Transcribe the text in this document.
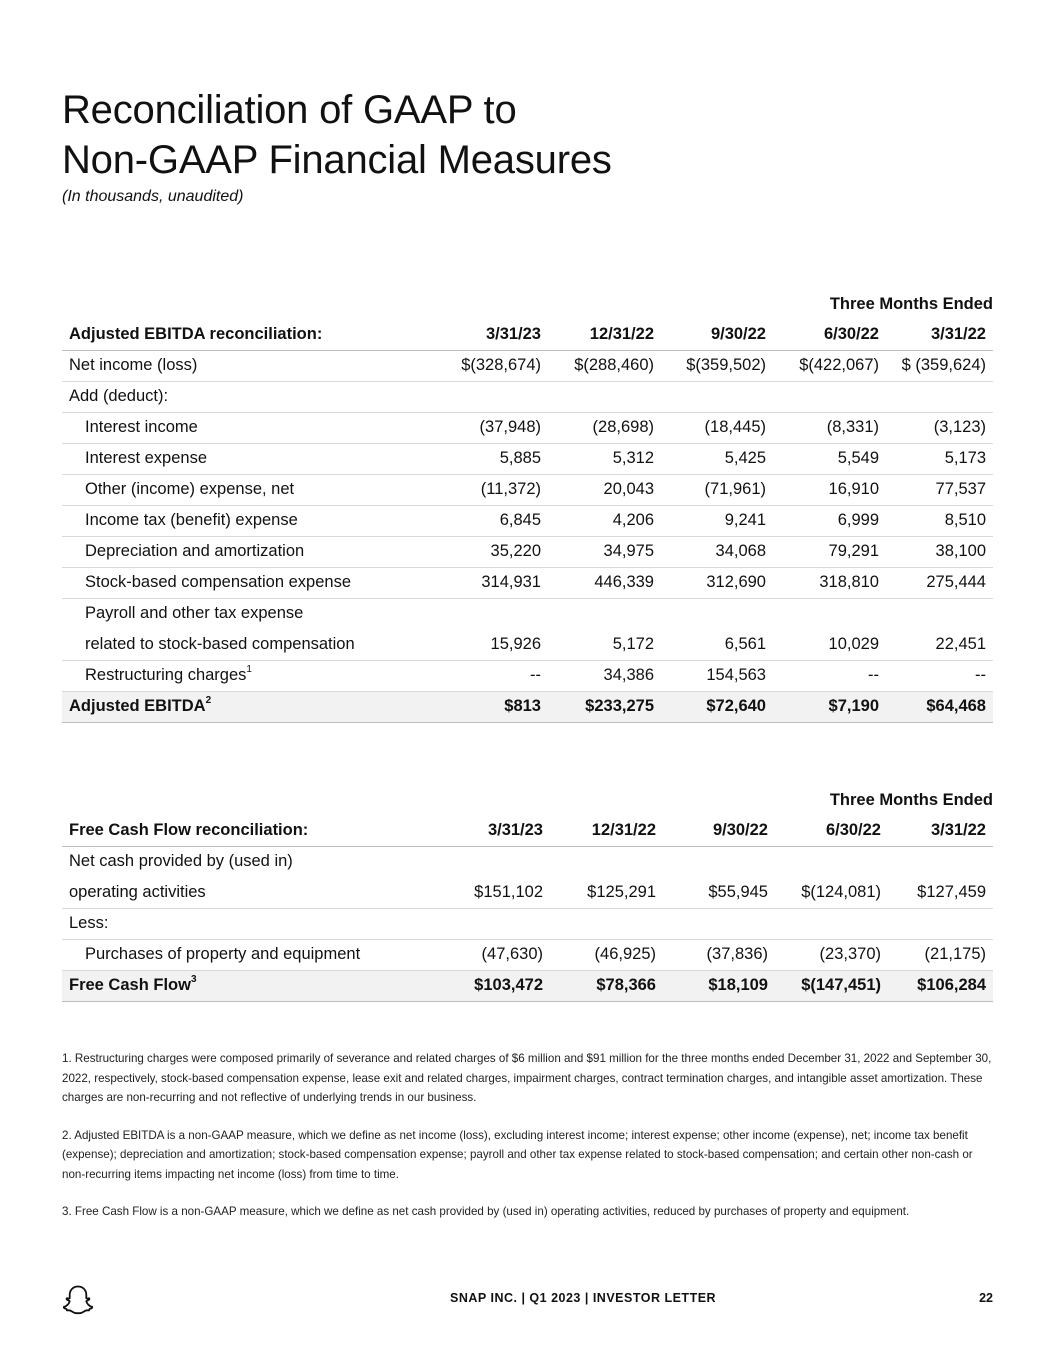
Reconciliation of GAAP to
Non-GAAP Financial Measures
(In thousands, unaudited)
Three Months Ended					
Adjusted EBITDA reconciliation:	3/31/23	12/31/22	9/30/22	6/30/22	3/31/22
Net income (loss)	$(328,674)	$(288,460)	$(359,502)	$(422,067)	$ (359,624)
Add (deduct):					
Interest income	(37,948)	(28,698)	(18,445)	(8,331)	(3,123)
Interest expense	5,885	5,312	5,425	5,549	5,173
Other (income) expense, net	(11,372)	20,043	(71,961)	16,910	77,537
Income tax (benefit) expense	6,845	4,206	9,241	6,999	8,510
Depreciation and amortization	35,220	34,975	34,068	79,291	38,100
Stock-based compensation expense	314,931	446,339	312,690	318,810	275,444
Payroll and other tax expense					
related to stock-based compensation	15,926	5,172	6,561	10,029	22,451
Restructuring charges$^1$	--	34,386	154,563	--	--
Adjusted EBITDA$^2$	$813	$233,275	$72,640	$7,190	$64,468
Three Months Ended					
Free Cash Flow reconciliation:	3/31/23	12/31/22	9/30/22	6/30/22	3/31/22
Net cash provided by (used in)					
operating activities	$151,102	$125,291	$55,945	$(124,081)	$127,459
Less:					
Purchases of property and equipment	(47,630)	(46,925)	(37,836)	(23,370)	(21,175)
Free Cash Flow$^3$	$103,472	$78,366	$18,109	$(147,451)	$106,284

1. Restructuring charges were composed primarily of severance and related charges of $6 million and $91 million for the three months ended December 31, 2022 and September 30, 2022, respectively, stock-based compensation expense, lease exit and related charges, impairment charges, contract termination charges, and intangible asset amortization. These charges are non-recurring and not reflective of underlying trends in our business.

2. Adjusted EBITDA is a non-GAAP measure, which we define as net income (loss), excluding interest income; interest expense; other income (expense), net; income tax benefit (expense); depreciation and amortization; stock-based compensation expense; payroll and other tax expense related to stock-based compensation; and certain other non-cash or non-recurring items impacting net income (loss) from time to time.

3. Free Cash Flow is a non-GAAP measure, which we define as net cash provided by (used in) operating activities, reduced by purchases of property and equipment.

SNAP INC. | Q1 2023 | INVESTOR LETTER	22
